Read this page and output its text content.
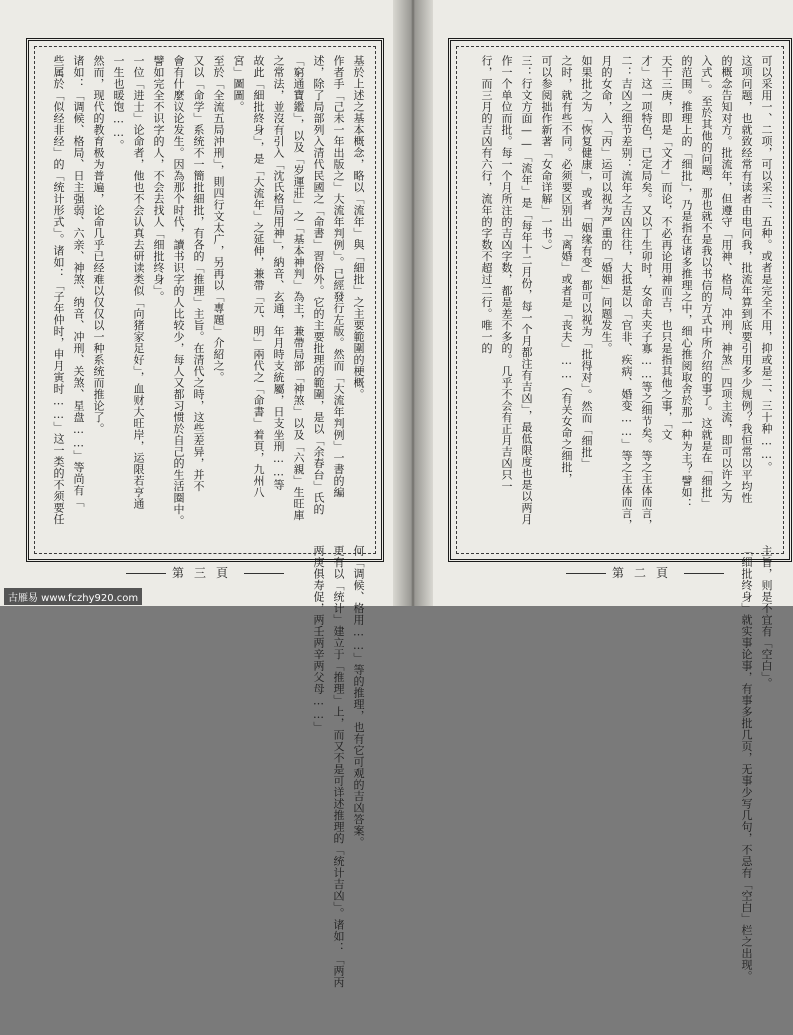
基於上述之基本概念，略以「流年」與「細批」之主要範圍的梗概。
作者手「己未一年出版之」大流年判例」。已經發行左版。然而「大流年判例」一書的編
述，除了局部列入清代民國之「命書」習俗外。它的主要批理的範圍，是以「余春台」氏的
「窮通寶鑑」，以及「岁運莊」之「基本神判」為主，兼帶局部「神煞」以及「六親」生旺庫
之常法，並沒有引入「沈氏格局用神」，納音、玄通，年月時支統屬，日支坐刑……等
故此「細批終身」，是「大流年」之延伸，兼帶「元、明」兩代之「命書」着頁，九州八
宮」圖圖。
至於「全流五局沖刑」，則四行文太广，另再以「專題」介紹之。
又以「命学」系统不一簡批細批，有各的「推理」主旨。在清代之時，这些差异，并不
會有什麼议论发生。因為那个时代，讀书识字的人比较少，每人又都习惯於自己的生活圈中。
譬如完全不识字的人，不会去找人「细批终身」。
一位「进士」论命者，他也不会认真去研读类似「向猪家足好」，血财大旺岸，运限若亨通
一生也暖饱……。
然而，现代的教育极为普遍，论命几乎已经难以仅仅以一种系统而推论了。
诸如：「调候、格局、日主强弱、六亲、神煞、纳音、冲刑、关煞、星盘……」等尚有「
些属於「似经非经」的「统计形式」。诸如：「子年仲时，申月寅时……」这一类的不须要任
何「调候、格用……」等的推理，也有它可观的吉凶答案。
更有以「统计」建立于「推理」上，而又不是可详述推理的「统计吉凶」。诸如：「两丙
两庚俱寿促，两壬两辛两父母……」
第三頁
可以采用一、二项，可以采三、五种。或者是完全不用，抑或是二、三十种……。
这项问题，也就致经常有读者由电问我，批流年算到底要引用多少规例？我恒常以平均性
的概念告知对方。批流年，但遵守「用神、格局、冲刑、神煞」四项主流，即可以许之为
入式」。至於其他的问题，那也就不是我以书信的方式中所介绍的事了。这就是在「细批」
的范围。推理上的「细批」，乃是指在诸多推理之中，细心推阅取舍於那一种为主？譬如：
天干三庚，即是「文才」而论，不必再论用神而吉，也只是指其他之事，「文
才」这一项特色，已定局矣。又以丁生卯时，女命夫夹子寡……等之细节矣。等之主体而言，
二：吉凶之细节差别：流年之吉凶往往，大抵是以「官非、疾病、婚变……」等之主体而言，
月的女命，入「丙」运可以视为严重的「婚姻」问题发生。
如果批之为「恢复健康」，或者「姻缘有变」都可以视为「批得对」。然而「细批」
之时，就有些不同。必须要区别出「离婚」或者是「丧夫」……（有关女命之细批，
可以参阅拙作新著「女命详解」一书。）
三：行文方面——「流年」是「每年十二月份，每一个月都注有吉凶」，最低限度也是以两月
作一个单位而批。每一个月所注的吉凶字数，都是差不多的。几乎不会有正月吉凶只一
行，而三月的吉凶有六行，流年的字数不超过二行。唯一的
主旨，则是不宜有「空白」。
「细批终身」就实事论事，有事多批几页，无事少写几句，不忌有「空白」栏之出现。
第二頁
古雁易 www.fczhy920.com
